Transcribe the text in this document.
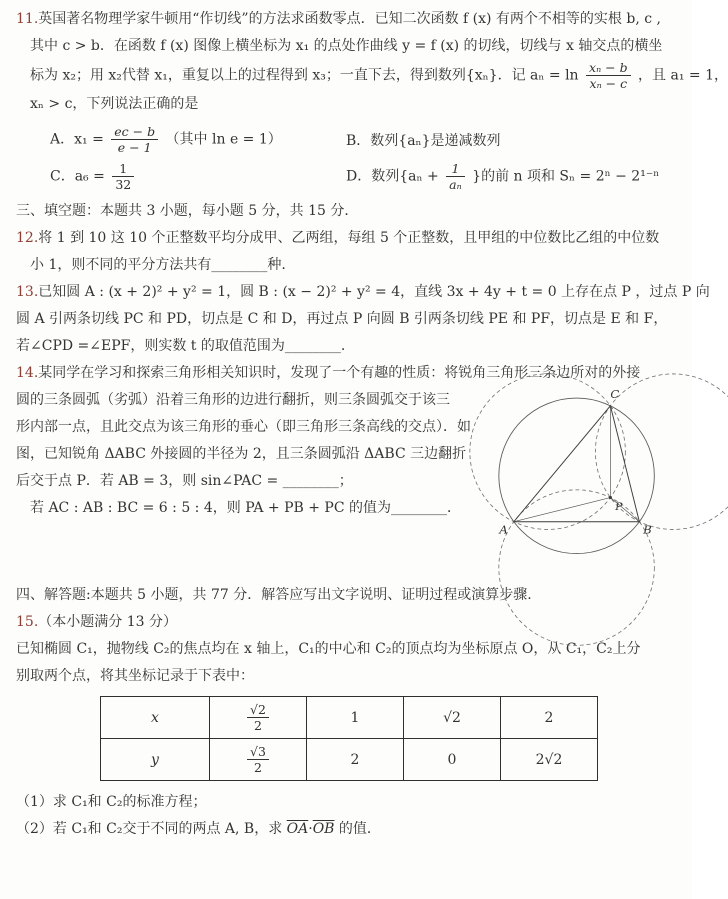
11.英国著名物理学家牛顿用“作切线”的方法求函数零点．已知二次函数 f (x) 有两个不相等的实根 b, c ,
其中 c > b．在函数 f (x) 图像上横坐标为 x₁ 的点处作曲线 y = f (x) 的切线，切线与 x 轴交点的横坐
标为 x₂；用 x₂代替 x₁，重复以上的过程得到 x₃；一直下去，得到数列{xₙ}．记 $a_n = \ln \frac{\text{xₙ − b}}{\text{xₙ − c}}$ ，且 a₁ = 1，
xₙ > c，下列说法正确的是
A．$x_1 = \frac{ec - b}{e - 1}$ （其中 ln e = 1）	B．数列{aₙ}是递减数列
C．$a_6 = \frac{1}{32}$	D．数列{$a_n + \frac{1}{\text{aₙ}}$ }的前 n 项和 Sₙ = 2ⁿ − 2¹⁻ⁿ
三、填空题：本题共 3 小题，每小题 5 分，共 15 分．
12.将 1 到 10 这 10 个正整数平均分成甲、乙两组，每组 5 个正整数，且甲组的中位数比乙组的中位数
小 1，则不同的平分方法共有________种.
13.已知圆 A : (x + 2)² + y² = 1，圆 B : (x − 2)² + y² = 4，直线 3x + 4y + t = 0 上存在点 P ，过点 P 向
圆 A 引两条切线 PC 和 PD，切点是 C 和 D，再过点 P 向圆 B 引两条切线 PE 和 PF，切点是 E 和 F，
若∠CPD =∠EPF，则实数 t 的取值范围为________.
14.某同学在学习和探索三角形相关知识时，发现了一个有趣的性质：将锐角三角形三条边所对的外接
圆的三条圆弧（劣弧）沿着三角形的边进行翻折，则三条圆弧交于该三
形内部一点，且此交点为该三角形的垂心（即三角形三条高线的交点）．如
图，已知锐角 ΔABC 外接圆的半径为 2，且三条圆弧沿 ΔABC 三边翻折
后交于点 P．若 AB = 3，则 sin∠PAC = ________；
若 AC : AB : BC = 6 : 5 : 4，则 PA + PB + PC 的值为________．
A	B
C
P
四、解答题:本题共 5 小题，共 77 分．解答应写出文字说明、证明过程或演算步骤.
15.（本小题满分 13 分）
已知椭圆 C₁，抛物线 C₂的焦点均在 x 轴上，C₁的中心和 C₂的顶点均为坐标原点 O，从 C₁，C₂上分
别取两个点，将其坐标记录于下表中：
x	$\frac{√2}{2}$	1	√2	2
y	$\frac{√3}{2}$	2	0	2√2
（1）求 C₁和 C₂的标准方程；
（2）若 C₁和 C₂交于不同的两点 A, B，求 $\overline{OA}\cdot\overline{OB}$ 的值．
